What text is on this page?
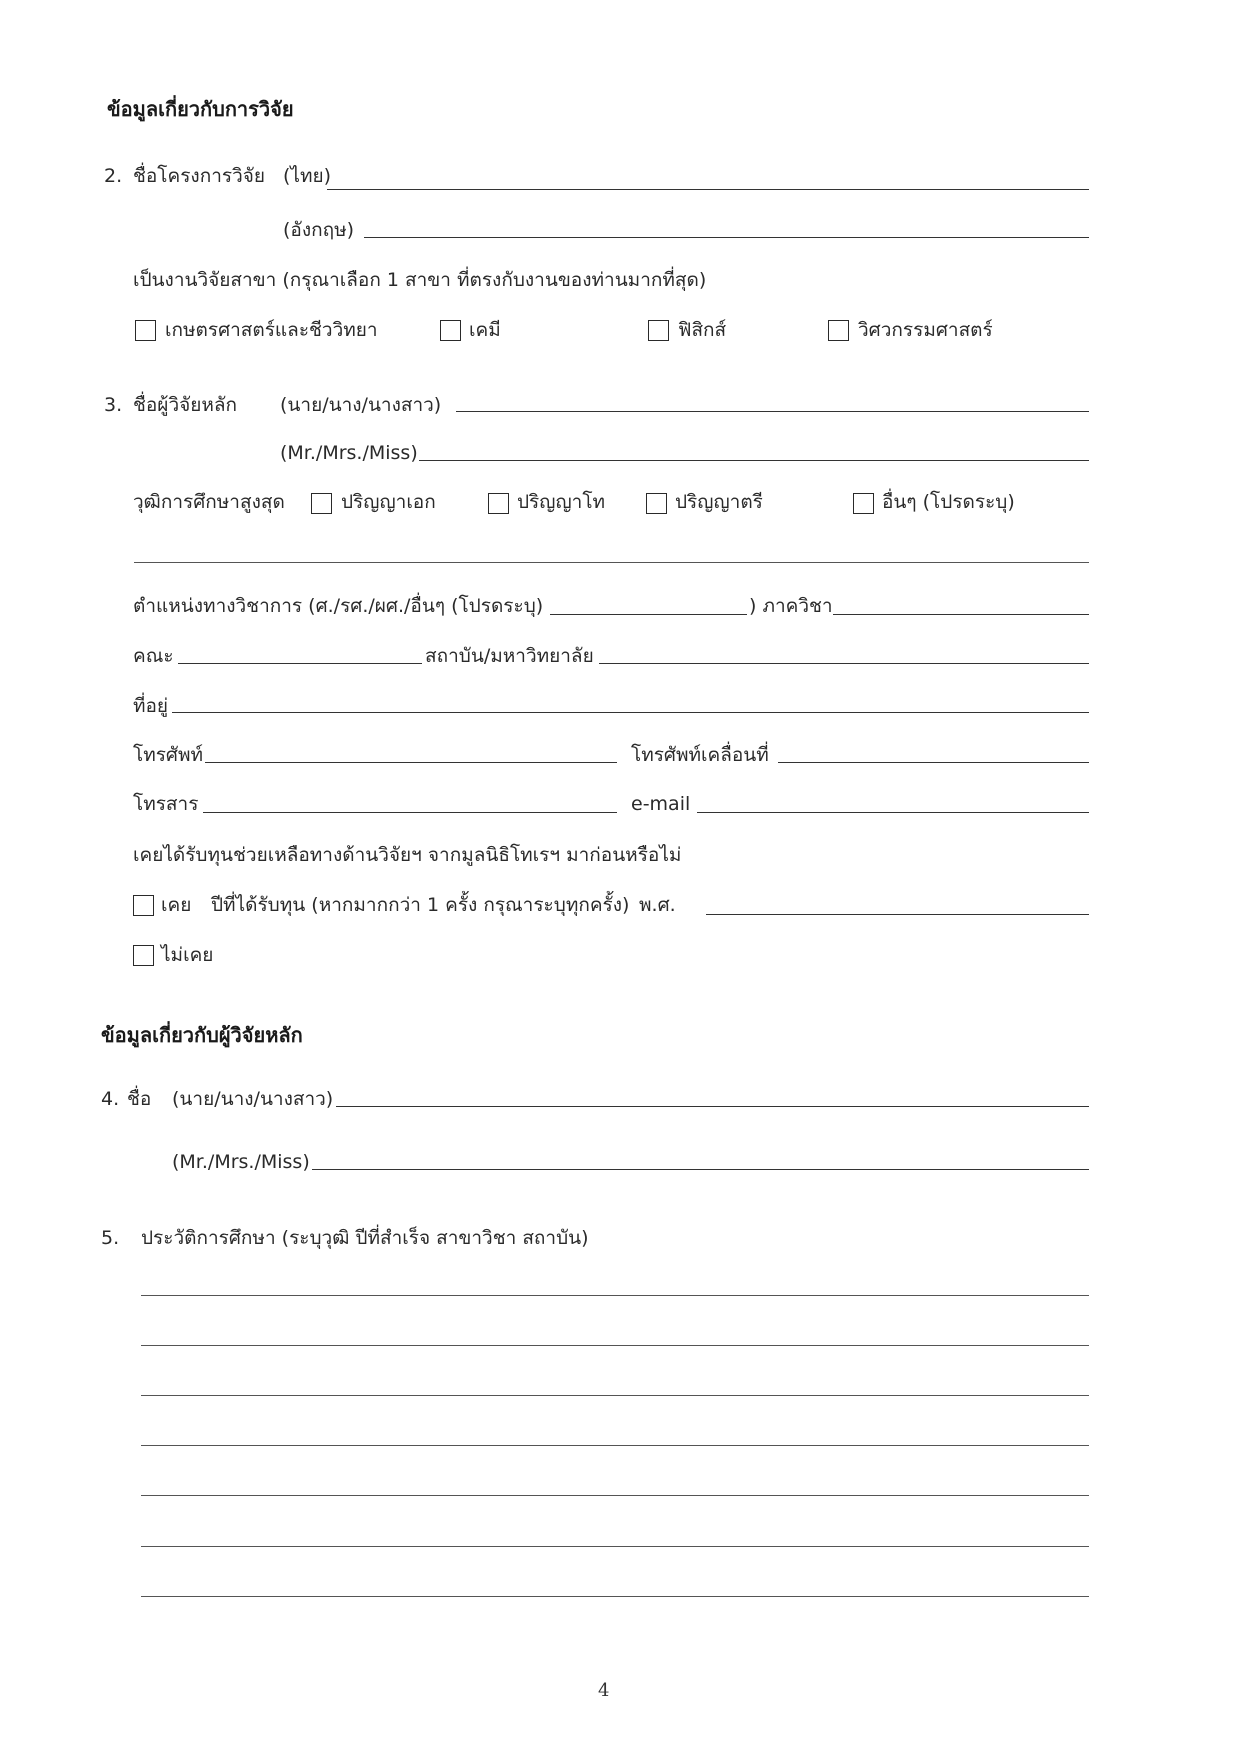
ข้อมูลเกี่ยวกับการวิจัย
2. ชื่อโครงการวิจัย (ไทย)
(อังกฤษ)
เป็นงานวิจัยสาขา (กรุณาเลือก 1 สาขา ที่ตรงกับงานของท่านมากที่สุด)
เกษตรศาสตร์และชีววิทยา	เคมี	ฟิสิกส์	วิศวกรรมศาสตร์
3. ชื่อผู้วิจัยหลัก (นาย/นาง/นางสาว)
(Mr./Mrs./Miss)
วุฒิการศึกษาสูงสุด	ปริญญาเอก	ปริญญาโท	ปริญญาตรี	อื่นๆ (โปรดระบุ)
ตำแหน่งทางวิชาการ (ศ./รศ./ผศ./อื่นๆ (โปรดระบุ)	) ภาควิชา
คณะ	สถาบัน/มหาวิทยาลัย
ที่อยู่
โทรศัพท์	โทรศัพท์เคลื่อนที่
โทรสาร	e-mail
เคยได้รับทุนช่วยเหลือทางด้านวิจัยฯ จากมูลนิธิโทเรฯ มาก่อนหรือไม่
เคย ปีที่ได้รับทุน (หากมากกว่า 1 ครั้ง กรุณาระบุทุกครั้ง) พ.ศ.
ไม่เคย
ข้อมูลเกี่ยวกับผู้วิจัยหลัก
4. ชื่อ (นาย/นาง/นางสาว)
(Mr./Mrs./Miss)
5. ประวัติการศึกษา (ระบุวุฒิ ปีที่สำเร็จ สาขาวิชา สถาบัน)
4
